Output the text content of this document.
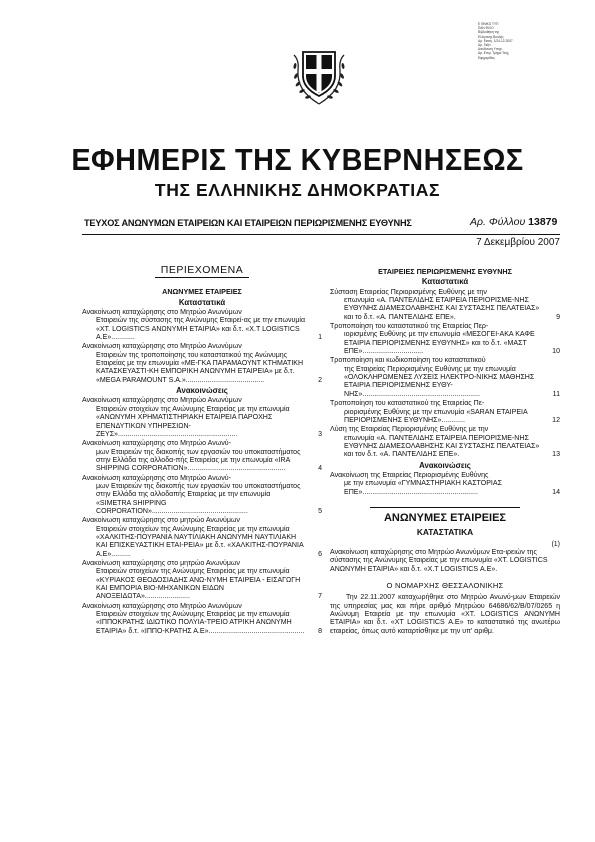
Ε ΘΝΙΚΟ ΤΥΠ
ΠΑΝ ΦΙΛΟ
Βιβλιοθήκη της
Ελληνικής Βουλής
Αρ. Εισαγ. 1/24-12-2007
Αρ. Ταξιν.
Διεύθυνση Υπηρ.
Αρ. Επιμ. Τμήμα Τεύχ.
Εφημερίδας
ΕΦΗΜΕΡΙΣ ΤΗΣ ΚΥΒΕΡΝΗΣΕΩΣ
ΤΗΣ ΕΛΛΗΝΙΚΗΣ ΔΗΜΟΚΡΑΤΙΑΣ
ΤΕΥΧΟΣ ΑΝΩΝΥΜΩΝ ΕΤΑΙΡΕΙΩΝ ΚΑΙ ΕΤΑΙΡΕΙΩΝ ΠΕΡΙΩΡΙΣΜΕΝΗΣ ΕΥΘΥΝΗΣ	Αρ. Φύλλου 13879
7 Δεκεμβρίου 2007
ΠΕΡΙΕΧΟΜΕΝΑ
ΑΝΩΝΥΜΕΣ ΕΤΑΙΡΕΙΕΣ
Καταστατικά
Ανακοίνωση καταχώρησης στο Μητρώο Ανωνύμων
Εταιρειών της σύστασης της Ανώνυμης Εταιρεί-ας με την επωνυμία «ΧΤ. LOGISTICS ΑΝΩΝΥΜΗ ΕΤΑΙΡΙΑ» και δ.τ. «Χ.Τ LOGISTICS Α.Ε»............	1
Ανακοίνωση καταχώρησης στο Μητρώο Ανωνύμων
Εταιρειών της τροποποίησης του καταστατικού της Ανώνυμης Εταιρείας με την επωνυμία «ΜΕ-ΓΚΑ ΠΑΡΑΜΑΟΥΝΤ ΚΤΗΜΑΤΙΚΗ ΚΑΤΑΣΚΕΥΑΣΤΙ-ΚΗ ΕΜΠΟΡΙΚΗ ΑΝΩΝΥΜΗ ΕΤΑΙΡΕΙΑ» με δ.τ. «MEGA PARAMOUNT S.A.»........................................	2
Ανακοινώσεις
Ανακοίνωση καταχώρησης στο Μητρώο Ανωνύμων
Εταιρειών στοιχείων της Ανώνυμης Εταιρείας με την επωνυμία «ΑΝΩΝΥΜΗ ΧΡΗΜΑΤΙΣΤΗΡΙΑΚΗ ΕΤΑΙΡΕΙΑ ΠΑΡΟΧΗΣ ΕΠΕΝΔΥΤΙΚΩΝ ΥΠΗΡΕΣΙΩΝ-ΖΕΥΣ».............................................................	3
Ανακοίνωση καταχώρησης στο Μητρώο Ανωνύ-
μων Εταιρειών της διακοπής των εργασιών του υποκαταστήματος στην Ελλάδα της αλλοδα-πής Εταιρείας με την επωνυμία «IRA SHIPPING CORPORATION»..................................................	4
Ανακοίνωση καταχώρησης στο Μητρώο Ανωνύ-
μων Εταιρειών της διακοπής των εργασιών του υποκαταστήματος στην Ελλάδα της αλλοδαπής Εταιρείας με την επωνυμία «SIMETRA SHIPPING CORPORATION».................................................	5
Ανακοίνωση καταχώρησης στο μητρώο Ανωνύμων
Εταιρειών στοιχείων της Ανώνυμης Εταιρείας με την επωνυμία «ΧΑΛΚΙΤΗΣ-ΠΟΥΡΑΝΙΑ ΝΑΥΤΙΛΙΑΚΗ ΑΝΩΝΥΜΗ ΝΑΥΤΙΛΙΑΚΗ ΚΑΙ ΕΠΙΣΚΕΥΑΣΤΙΚΗ ΕΤΑΙ-ΡΕΙΑ» με δ.τ. «ΧΑΛΚΙΤΗΣ-ΠΟΥΡΑΝΙΑ Α.Ε»..........	6
Ανακοίνωση καταχώρησης στο μητρώο Ανωνύμων
Εταιρειών στοιχείων της Ανώνυμης Εταιρείας με την επωνυμία «ΚΥΡΙΑΚΟΣ ΘΕΟΔΟΣΙΑΔΗΣ ΑΝΩ-ΝΥΜΗ ΕΤΑΙΡΕΙΑ - ΕΙΣΑΓΩΓΗ ΚΑΙ ΕΜΠΟΡΙΑ ΒΙΟ-ΜΗΧΑΝΙΚΩΝ ΕΙΔΩΝ ΑΝΟΞΕΙΔΩΤΑ».......................	7
Ανακοίνωση καταχώρησης στο Μητρώο Ανωνύμων
Εταιρειών στοιχείων της Ανώνυμης Εταιρείας με την επωνυμία «ΙΠΠΟΚΡΑΤΗΣ ΙΔΙΩΤΙΚΟ ΠΟΛΥΙΑ-ΤΡΕΙΟ ΑΤΡΙΚΗ ΑΝΩΝΥΜΗ ΕΤΑΙΡΙΑ» δ.τ. «ΙΠΠΟ-ΚΡΑΤΗΣ Α.Ε»................................................. 8
ΕΤΑΙΡΕΙΕΣ ΠΕΡΙΩΡΙΣΜΕΝΗΣ ΕΥΘΥΝΗΣ
Καταστατικά
Σύσταση Εταιρείας Περιορισμένης Ευθύνης με την
επωνυμία «Α. ΠΑΝΤΕΛΙΔΗΣ ΕΤΑΙΡΕΙΑ ΠΕΡΙΟΡΙΣΜΕ-ΝΗΣ ΕΥΘΥΝΗΣ ΔΙΑΜΕΣΟΛΑΒΗΣΗΣ ΚΑΙ ΣΥΣΤΑΣΗΣ ΠΕΛΑΤΕΙΑΣ» και το δ.τ. «Α. ΠΑΝΤΕΛΙΔΗΣ ΕΠΕ».	9
Τροποποίηση του καταστατικού της Εταιρείας Περ-
ιορισμένης Ευθύνης με την επωνυμία «ΜΕΣΟΓΕΙ-ΑΚΑ ΚΑΦΕ ΕΤΑΙΡΙΑ ΠΕΡΙΟΡΙΣΜΕΝΗΣ ΕΥΘΥΝΗΣ» και το δ.τ. «ΜΑΣΤ ΕΠΕ»...............................	10
Τροποποίηση και κωδικοποίηση του καταστατικού
της Εταιρείας Περιορισμένης Ευθύνης με την επωνυμία «ΟΛΟΚΛΗΡΩΜΕΝΕΣ ΛΥΣΕΙΣ ΗΛΕΚΤΡΟ-ΝΙΚΗΣ ΜΑΘΗΣΗΣ ΕΤΑΙΡΙΑ ΠΕΡΙΟΡΙΣΜΕΝΗΣ ΕΥΘΥ-ΝΗΣ»............................................................	11
Τροποποίηση του καταστατικού της Εταιρείας Πε-
ριορισμένης Ευθύνης με την επωνυμία «SARAN ΕΤΑΙΡΕΙΑ ΠΕΡΙΟΡΙΣΜΕΝΗΣ ΕΥΘΥΝΗΣ»............	12
Λύση της Εταιρείας Περιορισμένης Ευθύνης με την
επωνυμία «Α. ΠΑΝΤΕΛΙΔΗΣ ΕΤΑΙΡΕΙΑ ΠΕΡΙΟΡΙΣΜΕ-ΝΗΣ ΕΥΘΥΝΗΣ ΔΙΑΜΕΣΟΛΑΒΗΣΗΣ ΚΑΙ ΣΥΣΤΑΣΗΣ ΠΕΛΑΤΕΙΑΣ» και τον δ.τ. «Α. ΠΑΝΤΕΛΙΔΗΣ ΕΠΕ».	13
Ανακοινώσεις
Ανακοίνωση της Εταιρείας Περιορισμένης Ευθύνης
με την επωνυμία «ΓΥΜΝΑΣΤΗΡΙΑΚΗ ΚΑΣΤΟΡΙΑΣ ΕΠΕ»...........................................................	14
ΑΝΩΝΥΜΕΣ ΕΤΑΙΡΕΙΕΣ
ΚΑΤΑΣΤΑΤΙΚΑ
(1)

Ανακοίνωση καταχώρησης στο Μητρώο Ανωνύμων Ετα-ιρειών της σύστασης της Ανώνυμης Εταιρείας με την επωνυμία «ΧΤ. LOGISTICS ΑΝΩΝΥΜΗ ΕΤΑΙΡΙΑ» και δ.τ. «Χ.Τ LOGISTICS Α.Ε».

Ο ΝΟΜΑΡΧΗΣ ΘΕΣΣΑΛΟΝΙΚΗΣ

Την 22.11.2007 καταχωρήθηκε στο Μητρώο Ανωνύ-μων Εταιρειών της υπηρεσίας μας και πήρε αριθμό Μητρώου 64686/62/Β/07/0265 η Ανώνυμη Εταιρεία με την επωνυμία «ΧΤ. LOGISTICS ΑΝΩΝΥΜΗ ΕΤΑΙΡΙΑ» και δ.τ. «ΧΤ LOGISTICS Α.Ε» το καταστατικό της ανωτέρω εταιρείας, όπως αυτό καταρτίσθηκε με την υπ' αριθμ.
